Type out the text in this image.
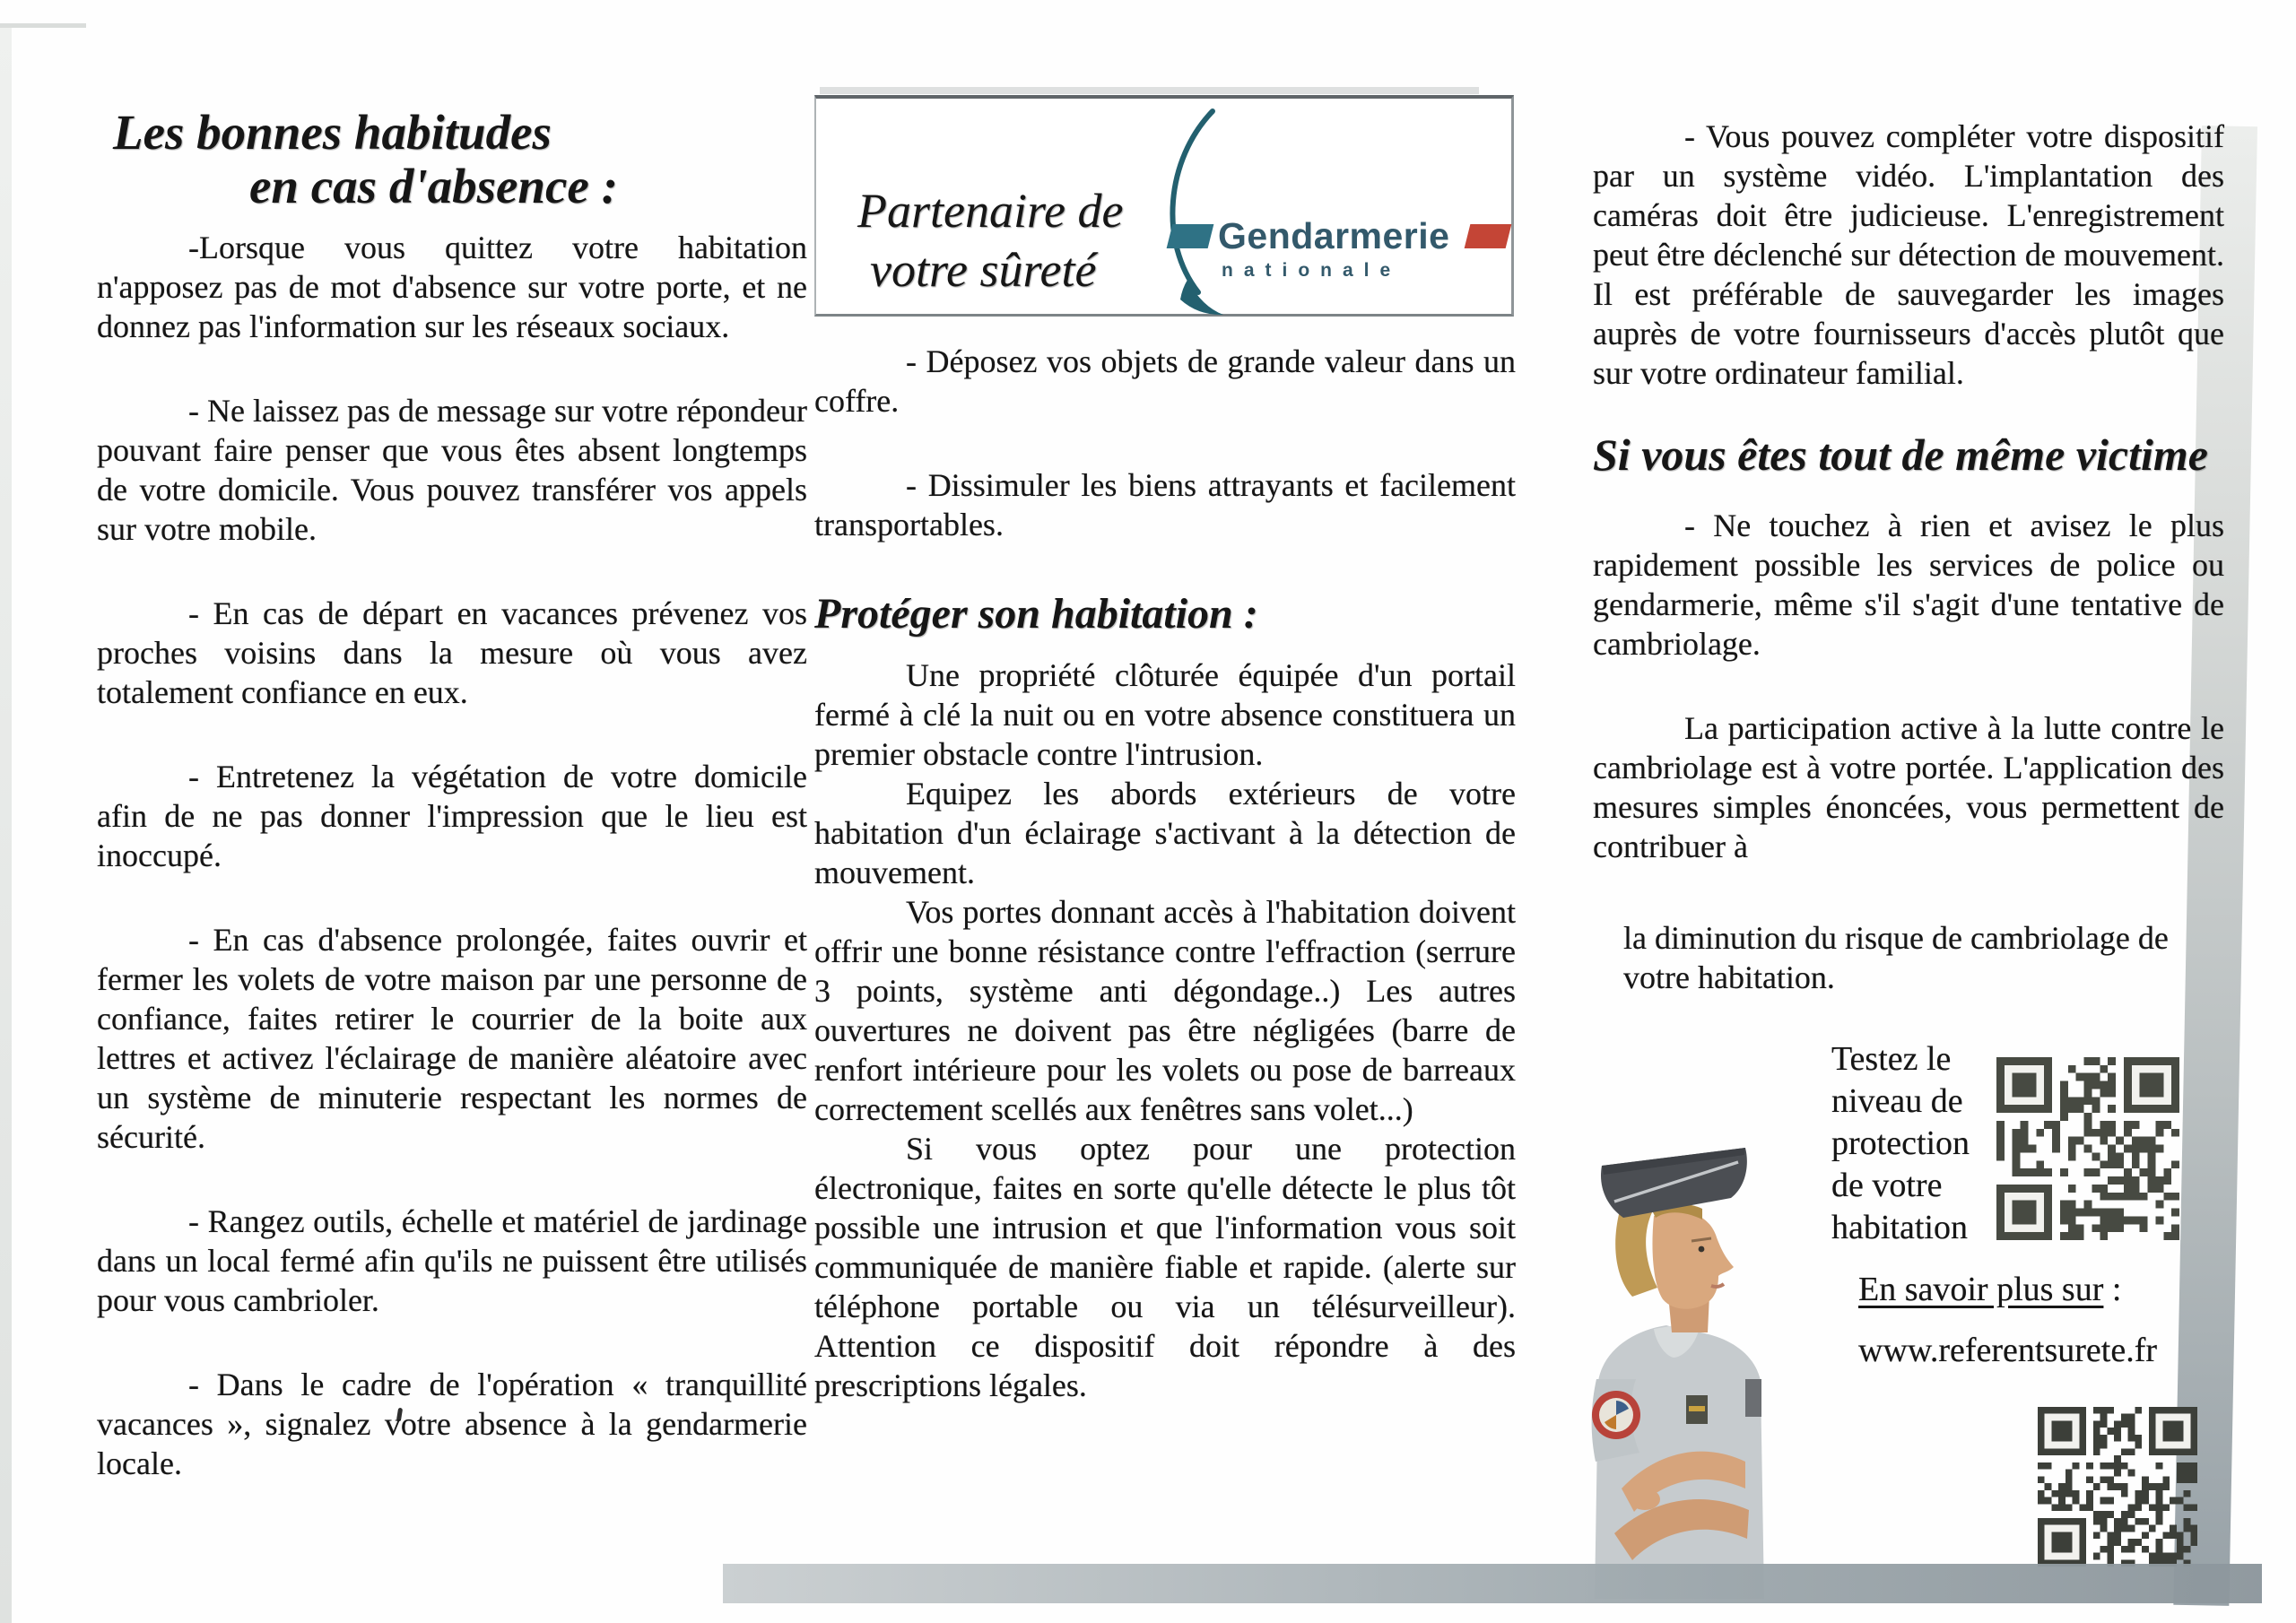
Les bonnes habitudes
en cas d'absence :

-Lorsque vous quittez votre habitation n'apposez pas de mot d'absence sur votre porte, et ne donnez pas l'information sur les réseaux sociaux.

- Ne laissez pas de message sur votre répondeur pouvant faire penser que vous êtes absent longtemps de votre domicile. Vous pouvez transférer vos appels sur votre mobile.

- En cas de départ en vacances prévenez vos proches voisins dans la mesure où vous avez totalement confiance en eux.

- Entretenez la végétation de votre domicile afin de ne pas donner l'impression que le lieu est inoccupé.

- En cas d'absence prolongée, faites ouvrir et fermer les volets de votre maison par une personne de confiance, faites retirer le courrier de la boite aux lettres et activez l'éclairage de manière aléatoire avec un système de minuterie respectant les normes de sécurité.

- Rangez outils, échelle et matériel de jardinage dans un local fermé afin qu'ils ne puissent être utilisés pour vous cambrioler.

- Dans le cadre de l'opération « tranquillité vacances », signalez votre absence à la gendarmerie locale.

Partenaire de
votre sûreté
Gendarmerie
nationale

- Déposez vos objets de grande valeur dans un coffre.

- Dissimuler les biens attrayants et facilement transportables.

Protéger son habitation :

Une propriété clôturée équipée d'un portail fermé à clé la nuit ou en votre absence constituera un premier obstacle contre l'intrusion.

Equipez les abords extérieurs de votre habitation d'un éclairage s'activant à la détection de mouvement.

Vos portes donnant accès à l'habitation doivent offrir une bonne résistance contre l'effraction (serrure 3 points, système anti dégondage..) Les autres ouvertures ne doivent pas être négligées (barre de renfort intérieure pour les volets ou pose de barreaux correctement scellés aux fenêtres sans volet...)

Si vous optez pour une protection électronique, faites en sorte qu'elle détecte le plus tôt possible une intrusion et que l'information vous soit communiquée de manière fiable et rapide. (alerte sur téléphone portable ou via un télésurveilleur). Attention ce dispositif doit répondre à des prescriptions légales.

- Vous pouvez compléter votre dispositif par un système vidéo. L'implantation des caméras doit être judicieuse. L'enregistrement peut être déclenché sur détection de mouvement. Il est préférable de sauvegarder les images auprès de votre fournisseurs d'accès plutôt que sur votre ordinateur familial.

Si vous êtes tout de même victime

- Ne touchez à rien et avisez le plus rapidement possible les services de police ou gendarmerie, même s'il s'agit d'une tentative de cambriolage.

La participation active à la lutte contre le cambriolage est à votre portée. L'application des mesures simples énoncées, vous permettent de contribuer à

la diminution du risque de cambriolage de votre habitation.

Testez le
niveau de
protection
de votre
habitation
En savoir plus sur :
www.referentsurete.fr
